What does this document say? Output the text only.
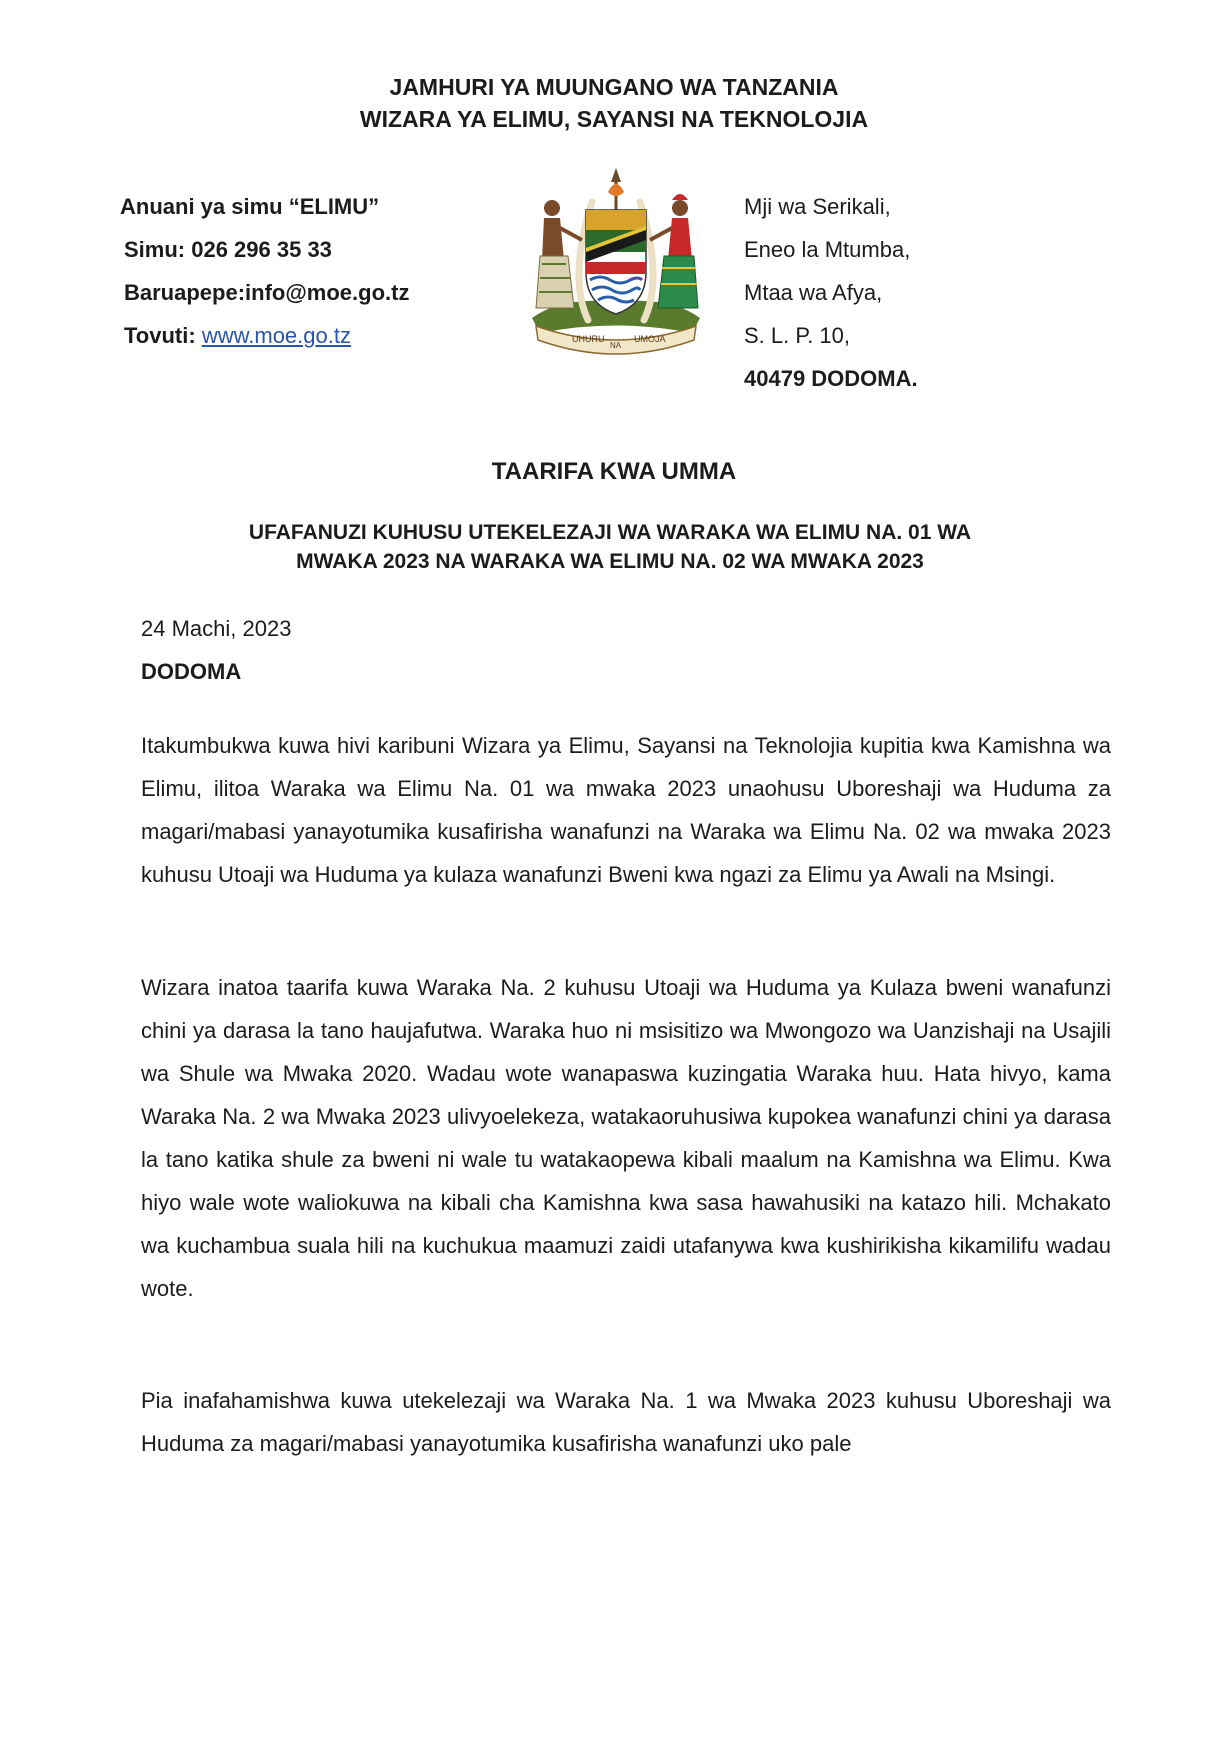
JAMHURI YA MUUNGANO WA TANZANIA
WIZARA YA ELIMU, SAYANSI NA TEKNOLOJIA
Anuani ya simu “ELIMU”
Simu: 026 296 35 33
Baruapepe:info@moe.go.tz
Tovuti: www.moe.go.tz	UHURU
NA
UMOJA
Mji wa Serikali,
Eneo la Mtumba,
Mtaa wa Afya,
S. L. P. 10,
40479 DODOMA.
TAARIFA KWA UMMA
UFAFANUZI KUHUSU UTEKELEZAJI WA WARAKA WA ELIMU NA. 01 WA
MWAKA 2023 NA WARAKA WA ELIMU NA. 02 WA MWAKA 2023
24 Machi, 2023
DODOMA
Itakumbukwa kuwa hivi karibuni Wizara ya Elimu, Sayansi na Teknolojia kupitia kwa Kamishna wa Elimu, ilitoa Waraka wa Elimu Na. 01 wa mwaka 2023 unaohusu Uboreshaji wa Huduma za magari/mabasi yanayotumika kusafirisha wanafunzi na Waraka wa Elimu Na. 02 wa mwaka 2023 kuhusu Utoaji wa Huduma ya kulaza wanafunzi Bweni kwa ngazi za Elimu ya Awali na Msingi.
Wizara inatoa taarifa kuwa Waraka Na. 2 kuhusu Utoaji wa Huduma ya Kulaza bweni wanafunzi chini ya darasa la tano haujafutwa. Waraka huo ni msisitizo wa Mwongozo wa Uanzishaji na Usajili wa Shule wa Mwaka 2020. Wadau wote wanapaswa kuzingatia Waraka huu. Hata hivyo, kama Waraka Na. 2 wa Mwaka 2023 ulivyoelekeza, watakaoruhusiwa kupokea wanafunzi chini ya darasa la tano katika shule za bweni ni wale tu watakaopewa kibali maalum na Kamishna wa Elimu. Kwa hiyo wale wote waliokuwa na kibali cha Kamishna kwa sasa hawahusiki na katazo hili. Mchakato wa kuchambua suala hili na kuchukua maamuzi zaidi utafanywa kwa kushirikisha kikamilifu wadau wote.
Pia inafahamishwa kuwa utekelezaji wa Waraka Na. 1 wa Mwaka 2023 kuhusu Uboreshaji wa Huduma za magari/mabasi yanayotumika kusafirisha wanafunzi uko pale
